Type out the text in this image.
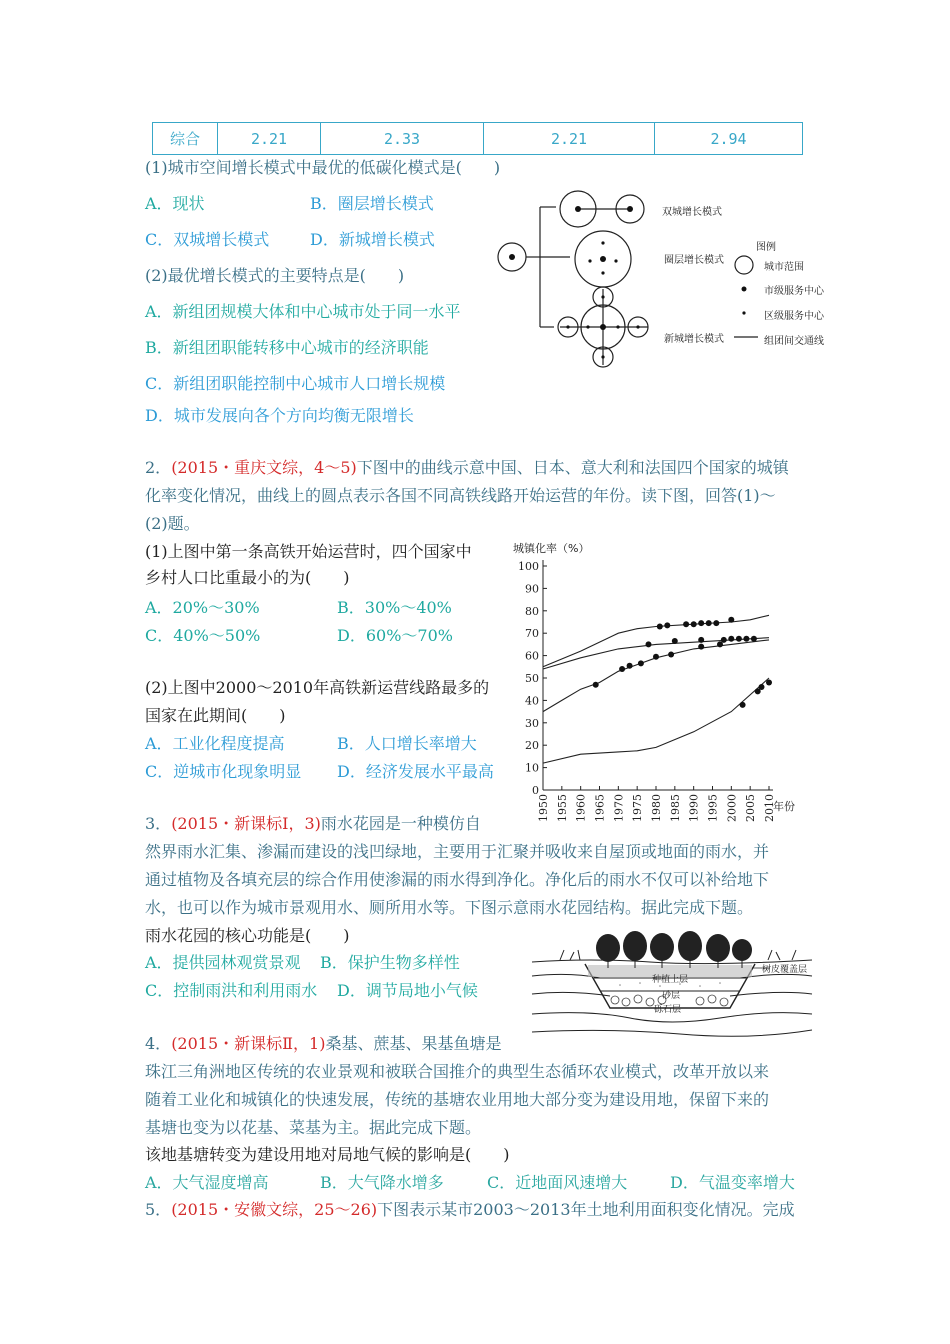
综合	2.21	2.33	2.21	2.94
(1)城市空间增长模式中最优的低碳化模式是(　　)
A．现状	B．圈层增长模式
C．双城增长模式	D．新城增长模式
(2)最优增长模式的主要特点是(　　)
A．新组团规模大体和中心城市处于同一水平
B．新组团职能转移中心城市的经济职能
C．新组团职能控制中心城市人口增长规模
D．城市发展向各个方向均衡无限增长
双城增长模式
圈层增长模式
新城增长模式
图例
城市范围
市级服务中心
区级服务中心
组团间交通线
2．(2015・重庆文综，4～5)下图中的曲线示意中国、日本、意大利和法国四个国家的城镇
化率变化情况，曲线上的圆点表示各国不同高铁线路开始运营的年份。读下图，回答(1)～
(2)题。
(1)上图中第一条高铁开始运营时，四个国家中
乡村人口比重最小的为(　　)
A．20%～30%	B．30%～40%
C．40%～50%	D．60%～70%
(2)上图中2000～2010年高铁新运营线路最多的
国家在此期间(　　)
A．工业化程度提高	B．人口增长率增大
C．逆城市化现象明显 D．经济发展水平最高
城镇化率（%）
年份
0
10
20
30
40
50
60
70
80
90
100
1950 1955 1960 1965 1970 1975 1980 1985 1990 1995 2000 2005 2010
3．(2015・新课标Ⅰ，3)雨水花园是一种模仿自
然界雨水汇集、渗漏而建设的浅凹绿地，主要用于汇聚并吸收来自屋顶或地面的雨水，并
通过植物及各填充层的综合作用使渗漏的雨水得到净化。净化后的雨水不仅可以补给地下
水，也可以作为城市景观用水、厕所用水等。下图示意雨水花园结构。据此完成下题。
雨水花园的核心功能是(　　)
A．提供园林观赏景观 B．保护生物多样性
C．控制雨洪和利用雨水 D．调节局地小气候
树皮覆盖层
种植土层
砂层
砾石层
4．(2015・新课标Ⅱ，1)桑基、蔗基、果基鱼塘是
珠江三角洲地区传统的农业景观和被联合国推介的典型生态循环农业模式，改革开放以来
随着工业化和城镇化的快速发展，传统的基塘农业用地大部分变为建设用地，保留下来的
基塘也变为以花基、菜基为主。据此完成下题。
该地基塘转变为建设用地对局地气候的影响是(　　)
A．大气湿度增高	B．大气降水增多	C．近地面风速增大	D．气温变率增大
5．(2015・安徽文综，25～26)下图表示某市2003～2013年土地利用面积变化情况。完成
